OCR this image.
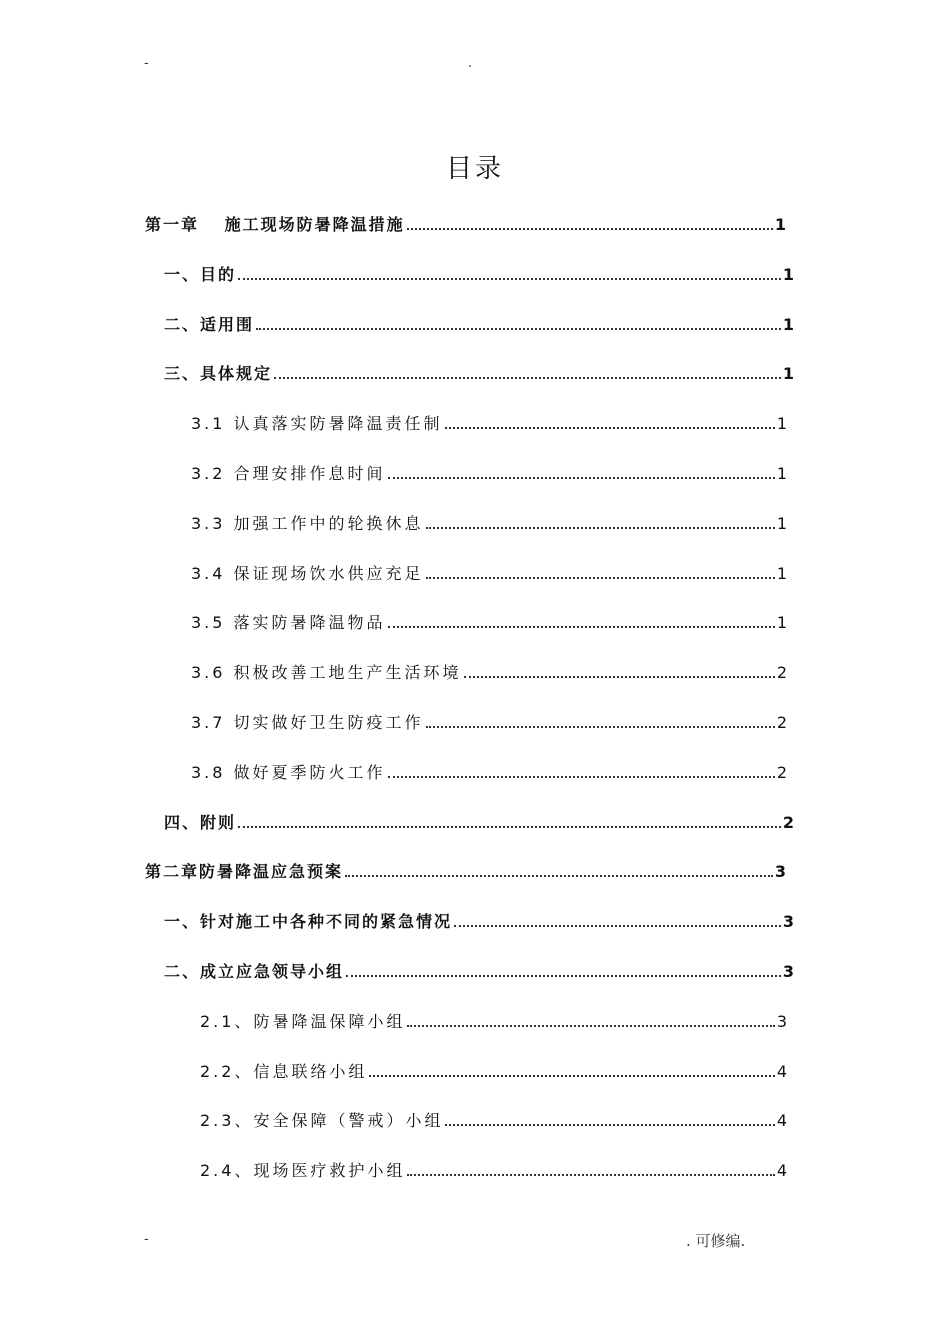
-	.
目录
第一章　 施工现场防暑降温措施	1
一、目的	1
二、适用围	1
三、具体规定	1
3.1 认真落实防暑降温责任制	1
3.2 合理安排作息时间	1
3.3 加强工作中的轮换休息	1
3.4 保证现场饮水供应充足	1
3.5 落实防暑降温物品	1
3.6 积极改善工地生产生活环境	2
3.7 切实做好卫生防疫工作	2
3.8 做好夏季防火工作	2
四、附则	2
第二章防暑降温应急预案	3
一、针对施工中各种不同的紧急情况	3
二、成立应急领导小组	3
2.1、防暑降温保障小组	3
2.2、信息联络小组	4
2.3、安全保障（警戒）小组	4
2.4、现场医疗救护小组	4
-	. 可修编.
